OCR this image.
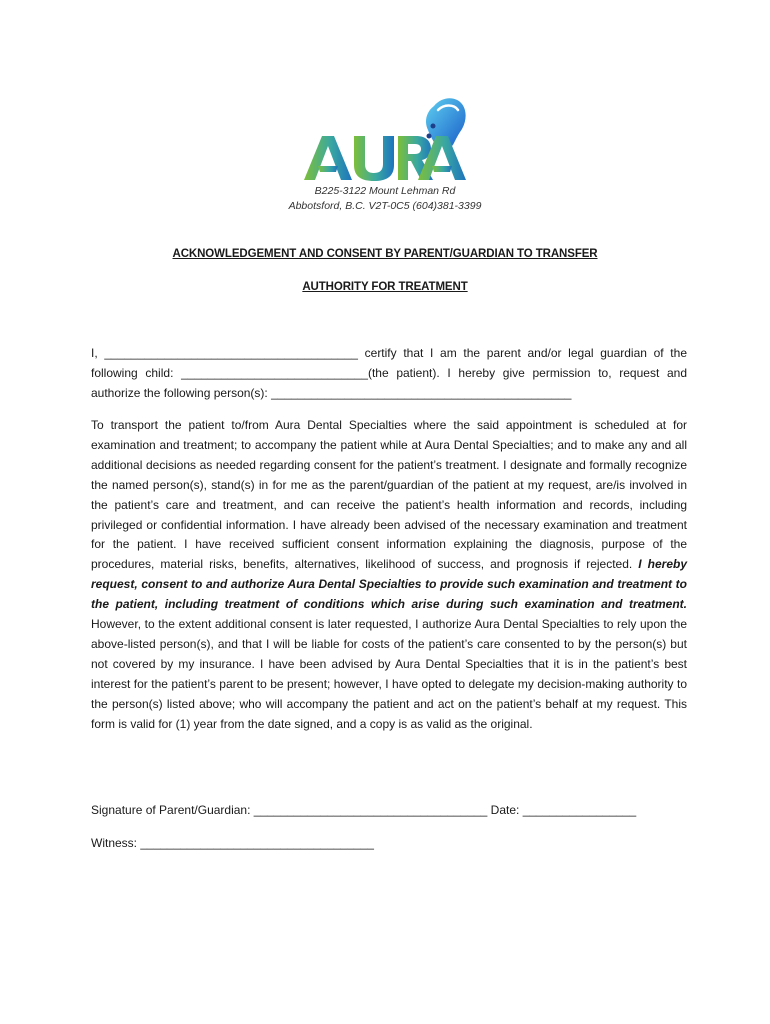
B225-3122 Mount Lehman Rd
Abbotsford, B.C. V2T-0C5 (604)381-3399
ACKNOWLEDGEMENT AND CONSENT BY PARENT/GUARDIAN TO TRANSFER
AUTHORITY FOR TREATMENT
I, ______________________________________ certify that I am the parent and/or legal guardian of the following child: ____________________________(the patient). I hereby give permission to, request and authorize the following person(s): _____________________________________________
To transport the patient to/from Aura Dental Specialties where the said appointment is scheduled at for examination and treatment; to accompany the patient while at Aura Dental Specialties; and to make any and all additional decisions as needed regarding consent for the patient’s treatment. I designate and formally recognize the named person(s), stand(s) in for me as the parent/guardian of the patient at my request, are/is involved in the patient’s care and treatment, and can receive the patient’s health information and records, including privileged or confidential information. I have already been advised of the necessary examination and treatment for the patient. I have received sufficient consent information explaining the diagnosis, purpose of the procedures, material risks, benefits, alternatives, likelihood of success, and prognosis if rejected. I hereby request, consent to and authorize Aura Dental Specialties to provide such examination and treatment to the patient, including treatment of conditions which arise during such examination and treatment. However, to the extent additional consent is later requested, I authorize Aura Dental Specialties to rely upon the above-listed person(s), and that I will be liable for costs of the patient’s care consented to by the person(s) but not covered by my insurance. I have been advised by Aura Dental Specialties that it is in the patient’s best interest for the patient’s parent to be present; however, I have opted to delegate my decision-making authority to the person(s) listed above; who will accompany the patient and act on the patient’s behalf at my request. This form is valid for (1) year from the date signed, and a copy is as valid as the original.
Signature of Parent/Guardian: ___________________________________ Date: _________________
Witness: ___________________________________
